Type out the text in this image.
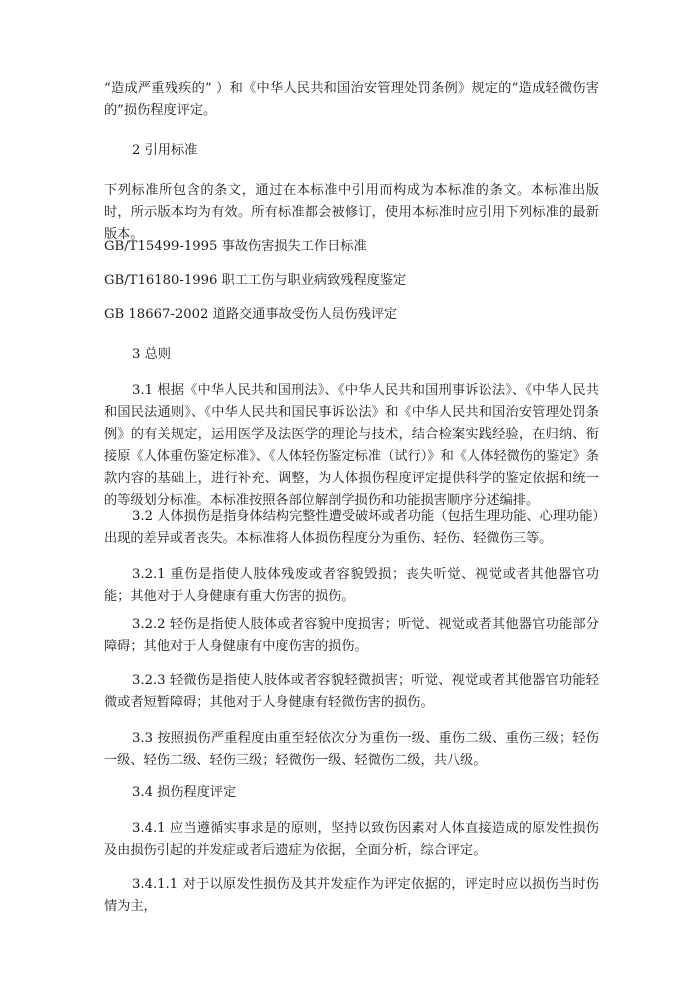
“造成严重残疾的” ）和《中华人民共和国治安管理处罚条例》规定的“造成轻微伤害的”损伤程度评定。

2 引用标准

下列标准所包含的条文，通过在本标准中引用而构成为本标准的条文。本标准出版时，所示版本均为有效。所有标准都会被修订，使用本标准时应引用下列标准的最新版本。

GB/T15499-1995 事故伤害损失工作日标准

GB/T16180-1996 职工工伤与职业病致残程度鉴定

GB 18667-2002 道路交通事故受伤人员伤残评定

3 总则

3.1 根据《中华人民共和国刑法》、《中华人民共和国刑事诉讼法》、《中华人民共和国民法通则》、《中华人民共和国民事诉讼法》和《中华人民共和国治安管理处罚条例》的有关规定，运用医学及法医学的理论与技术，结合检案实践经验，在归纳、衔接原《人体重伤鉴定标准》、《人体轻伤鉴定标准（试行）》和《人体轻微伤的鉴定》条款内容的基础上，进行补充、调整，为人体损伤程度评定提供科学的鉴定依据和统一的等级划分标准。本标准按照各部位解剖学损伤和功能损害顺序分述编排。

3.2 人体损伤是指身体结构完整性遭受破坏或者功能（包括生理功能、心理功能）出现的差异或者丧失。本标准将人体损伤程度分为重伤、轻伤、轻微伤三等。

3.2.1 重伤是指使人肢体残废或者容貌毁损；丧失听觉、视觉或者其他器官功能；其他对于人身健康有重大伤害的损伤。

3.2.2 轻伤是指使人肢体或者容貌中度损害；听觉、视觉或者其他器官功能部分障碍；其他对于人身健康有中度伤害的损伤。

3.2.3 轻微伤是指使人肢体或者容貌轻微损害；听觉、视觉或者其他器官功能轻微或者短暂障碍；其他对于人身健康有轻微伤害的损伤。

3.3 按照损伤严重程度由重至轻依次分为重伤一级、重伤二级、重伤三级；轻伤一级、轻伤二级、轻伤三级；轻微伤一级、轻微伤二级，共八级。

3.4 损伤程度评定

3.4.1 应当遵循实事求是的原则，坚持以致伤因素对人体直接造成的原发性损伤及由损伤引起的并发症或者后遗症为依据，全面分析，综合评定。

3.4.1.1 对于以原发性损伤及其并发症作为评定依据的，评定时应以损伤当时伤情为主，
